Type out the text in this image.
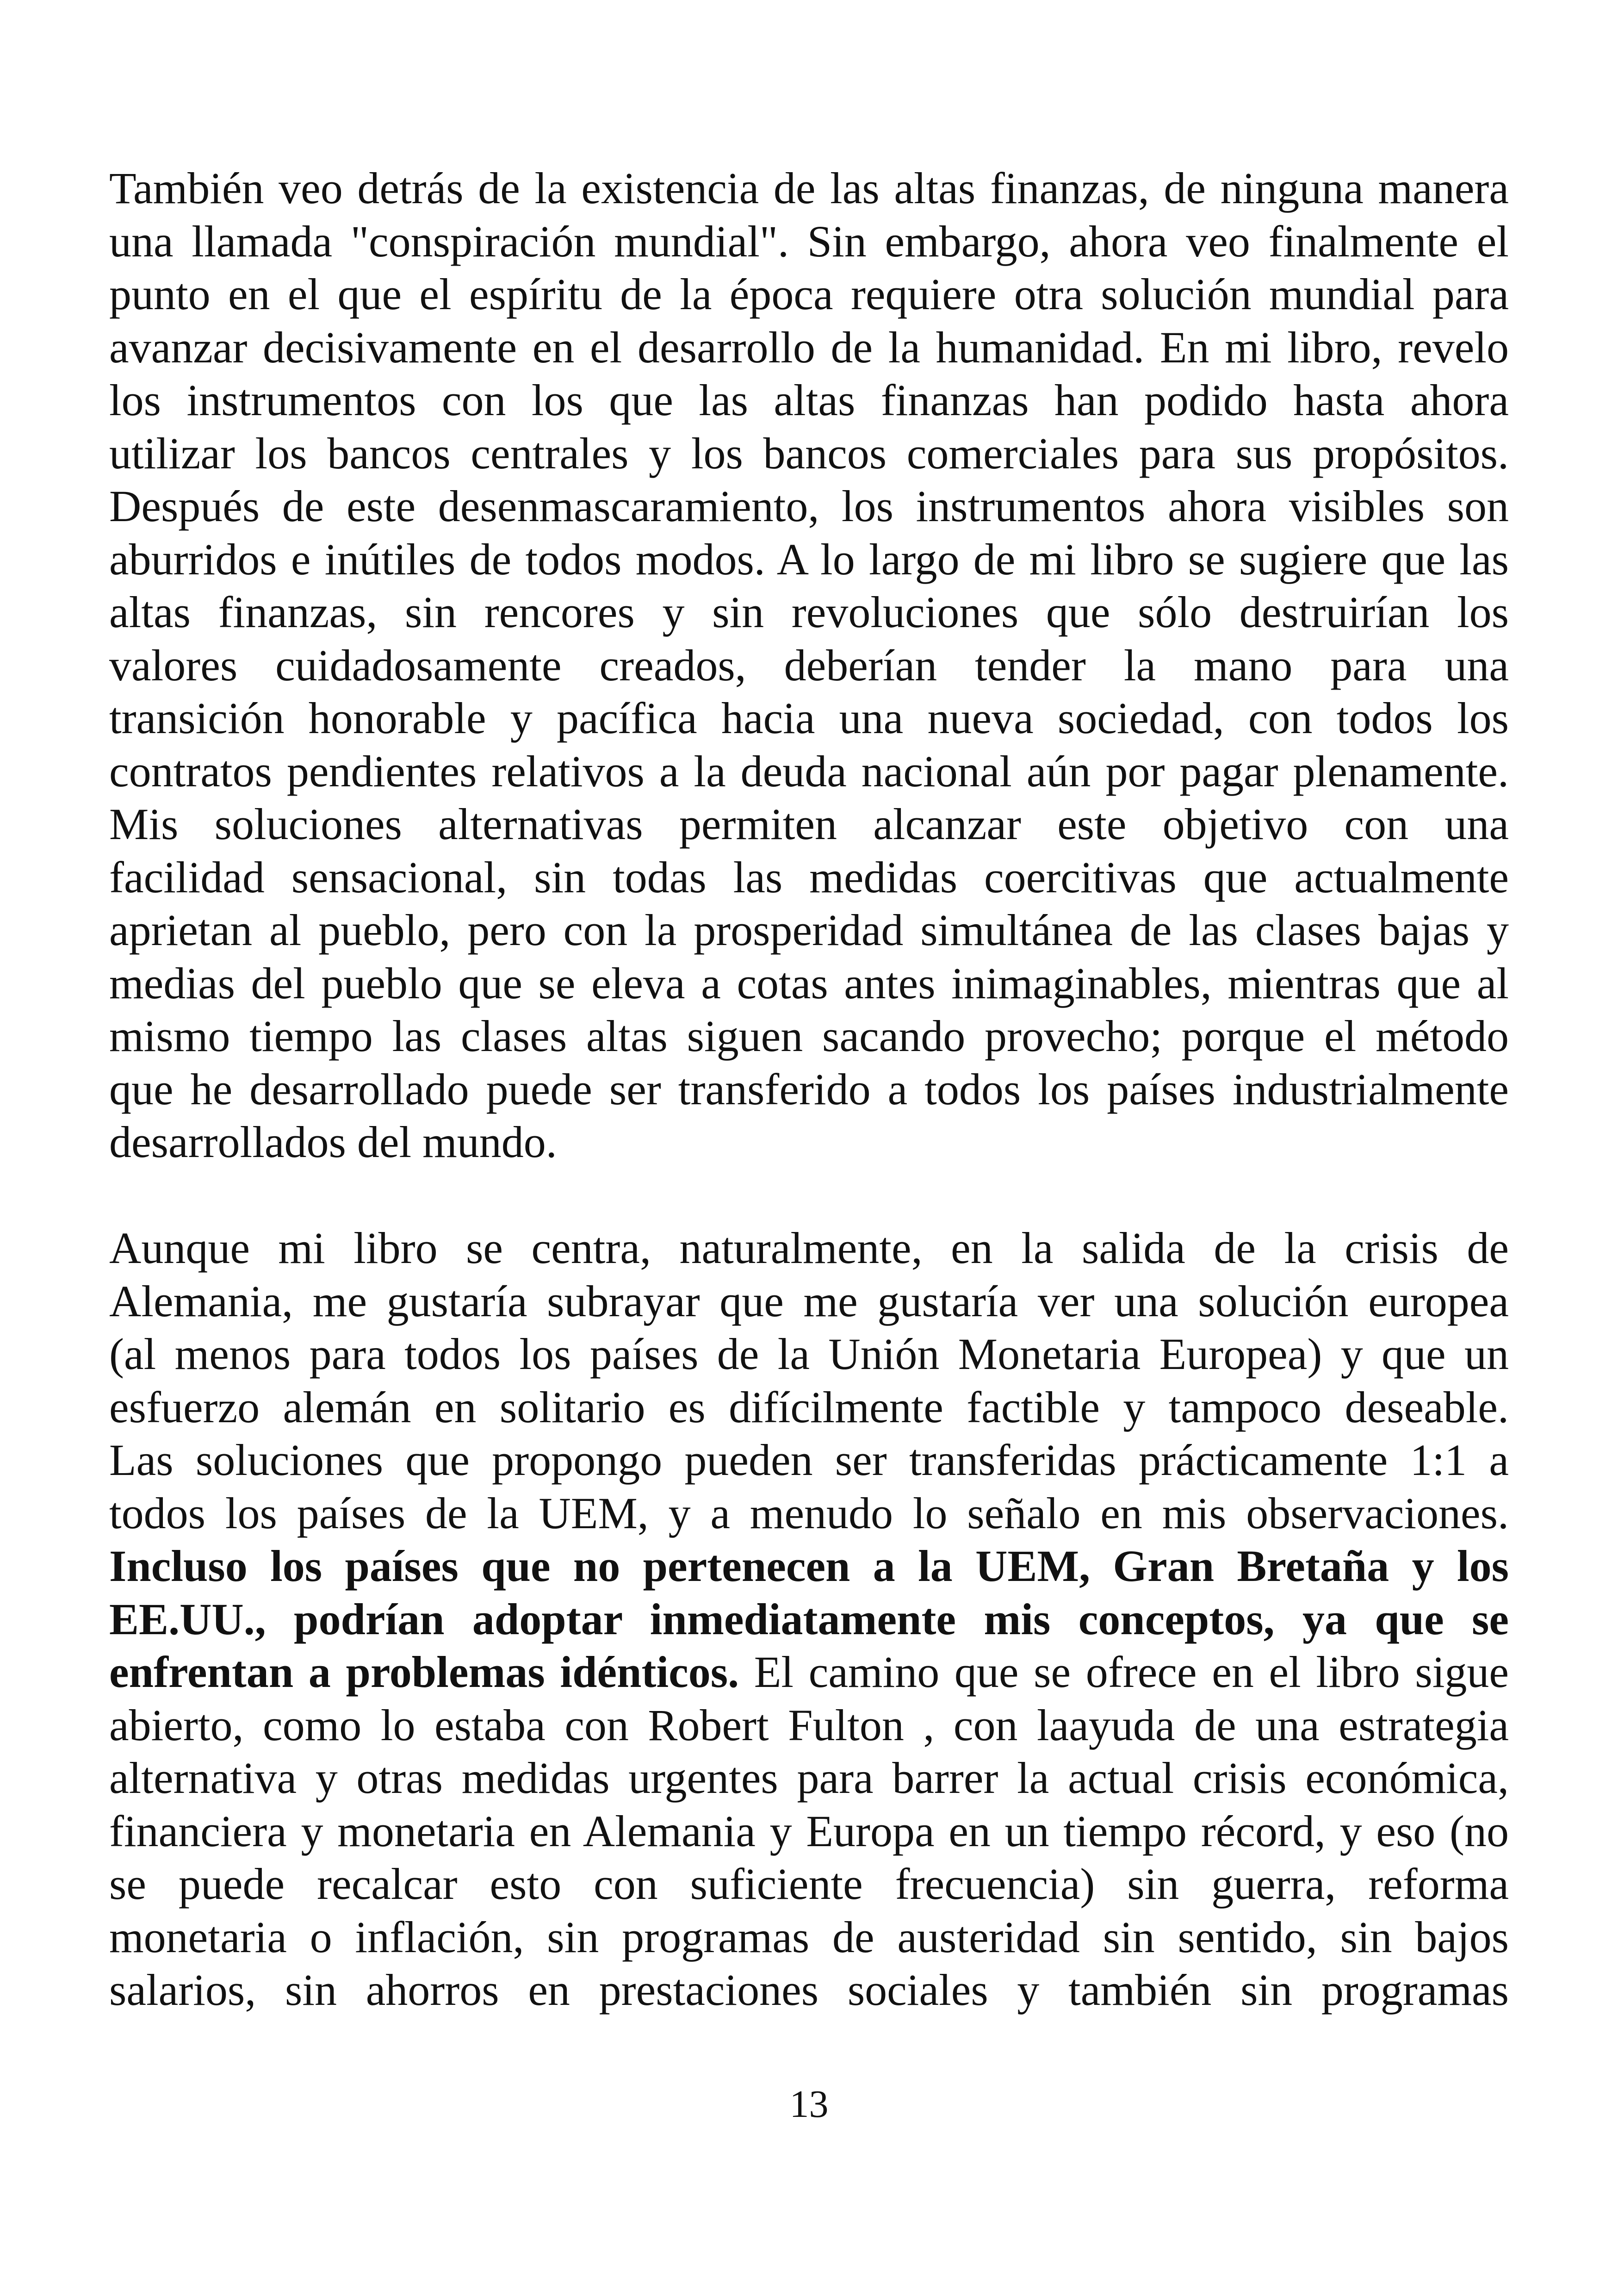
También veo detrás de la existencia de las altas finanzas, de ninguna manera
una llamada "conspiración mundial". Sin embargo, ahora veo finalmente el
punto en el que el espíritu de la época requiere otra solución mundial para
avanzar decisivamente en el desarrollo de la humanidad. En mi libro, revelo
los instrumentos con los que las altas finanzas han podido hasta ahora
utilizar los bancos centrales y los bancos comerciales para sus propósitos.
Después de este desenmascaramiento, los instrumentos ahora visibles son
aburridos e inútiles de todos modos. A lo largo de mi libro se sugiere que las
altas finanzas, sin rencores y sin revoluciones que sólo destruirían los
valores cuidadosamente creados, deberían tender la mano para una
transición honorable y pacífica hacia una nueva sociedad, con todos los
contratos pendientes relativos a la deuda nacional aún por pagar plenamente.
Mis soluciones alternativas permiten alcanzar este objetivo con una
facilidad sensacional, sin todas las medidas coercitivas que actualmente
aprietan al pueblo, pero con la prosperidad simultánea de las clases bajas y
medias del pueblo que se eleva a cotas antes inimaginables, mientras que al
mismo tiempo las clases altas siguen sacando provecho; porque el método
que he desarrollado puede ser transferido a todos los países industrialmente
desarrollados del mundo.
Aunque mi libro se centra, naturalmente, en la salida de la crisis de
Alemania, me gustaría subrayar que me gustaría ver una solución europea
(al menos para todos los países de la Unión Monetaria Europea) y que un
esfuerzo alemán en solitario es difícilmente factible y tampoco deseable.
Las soluciones que propongo pueden ser transferidas prácticamente 1:1 a
todos los países de la UEM, y a menudo lo señalo en mis observaciones.
Incluso los países que no pertenecen a la UEM, Gran Bretaña y los
EE.UU., podrían adoptar inmediatamente mis conceptos, ya que se
enfrentan a problemas idénticos. El camino que se ofrece en el libro sigue
abierto, como lo estaba con Robert Fulton , con laayuda de una estrategia
alternativa y otras medidas urgentes para barrer la actual crisis económica,
financiera y monetaria en Alemania y Europa en un tiempo récord, y eso (no
se puede recalcar esto con suficiente frecuencia) sin guerra, reforma
monetaria o inflación, sin programas de austeridad sin sentido, sin bajos
salarios, sin ahorros en prestaciones sociales y también sin programas
13
